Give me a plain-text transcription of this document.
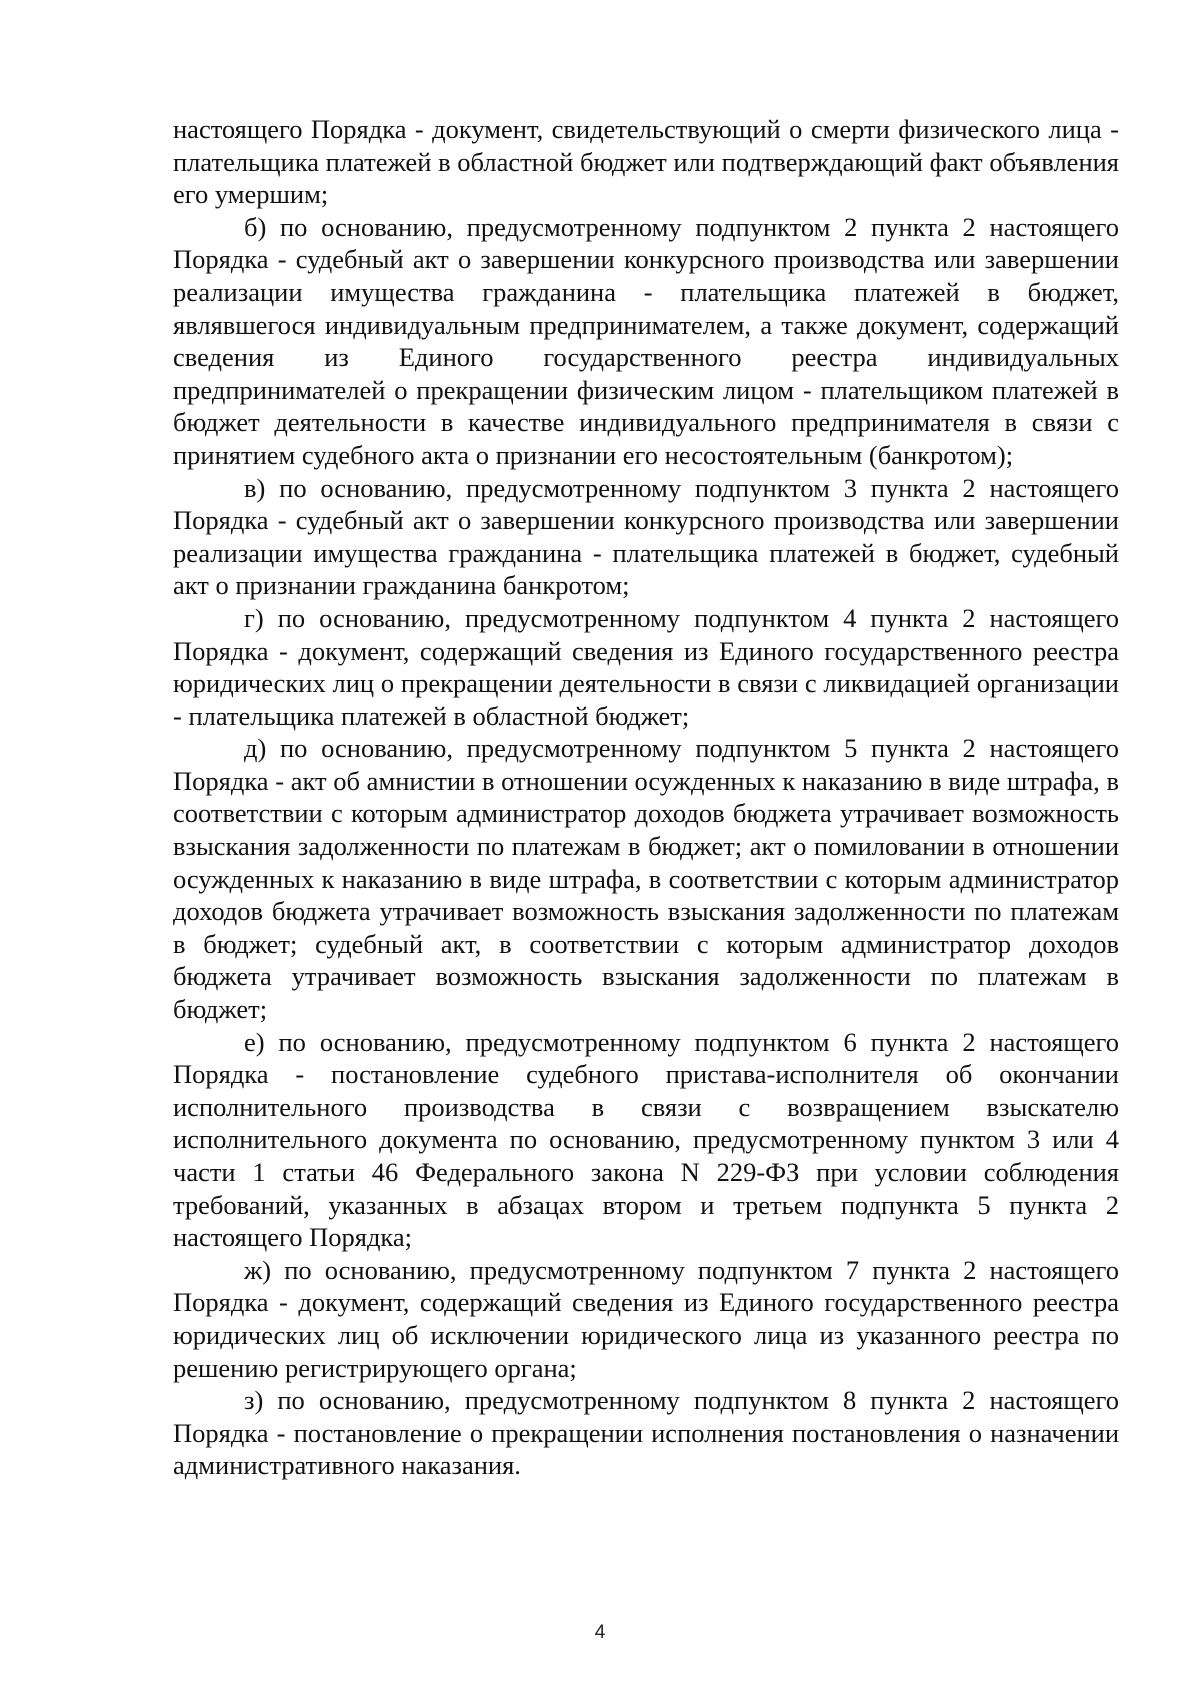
настоящего Порядка - документ, свидетельствующий о смерти физического лица - плательщика платежей в областной бюджет или подтверждающий факт объявления его умершим;

б) по основанию, предусмотренному подпунктом 2 пункта 2 настоящего Порядка - судебный акт о завершении конкурсного производства или завершении реализации имущества гражданина - плательщика платежей в бюджет, являвшегося индивидуальным предпринимателем, а также документ, содержащий сведения из Единого государственного реестра индивидуальных предпринимателей о прекращении физическим лицом - плательщиком платежей в бюджет деятельности в качестве индивидуального предпринимателя в связи с принятием судебного акта о признании его несостоятельным (банкротом);

в) по основанию, предусмотренному подпунктом 3 пункта 2 настоящего Порядка - судебный акт о завершении конкурсного производства или завершении реализации имущества гражданина - плательщика платежей в бюджет, судебный акт о признании гражданина банкротом;

г) по основанию, предусмотренному подпунктом 4 пункта 2 настоящего Порядка - документ, содержащий сведения из Единого государственного реестра юридических лиц о прекращении деятельности в связи с ликвидацией организации - плательщика платежей в областной бюджет;

д) по основанию, предусмотренному подпунктом 5 пункта 2 настоящего Порядка - акт об амнистии в отношении осужденных к наказанию в виде штрафа, в соответствии с которым администратор доходов бюджета утрачивает возможность взыскания задолженности по платежам в бюджет; акт о помиловании в отношении осужденных к наказанию в виде штрафа, в соответствии с которым администратор доходов бюджета утрачивает возможность взыскания задолженности по платежам в бюджет; судебный акт, в соответствии с которым администратор доходов бюджета утрачивает возможность взыскания задолженности по платежам в бюджет;

е) по основанию, предусмотренному подпунктом 6 пункта 2 настоящего Порядка - постановление судебного пристава-исполнителя об окончании исполнительного производства в связи с возвращением взыскателю исполнительного документа по основанию, предусмотренному пунктом 3 или 4 части 1 статьи 46 Федерального закона N 229-ФЗ при условии соблюдения требований, указанных в абзацах втором и третьем подпункта 5 пункта 2 настоящего Порядка;

ж) по основанию, предусмотренному подпунктом 7 пункта 2 настоящего Порядка - документ, содержащий сведения из Единого государственного реестра юридических лиц об исключении юридического лица из указанного реестра по решению регистрирующего органа;

з) по основанию, предусмотренному подпунктом 8 пункта 2 настоящего Порядка - постановление о прекращении исполнения постановления о назначении административного наказания.

4
